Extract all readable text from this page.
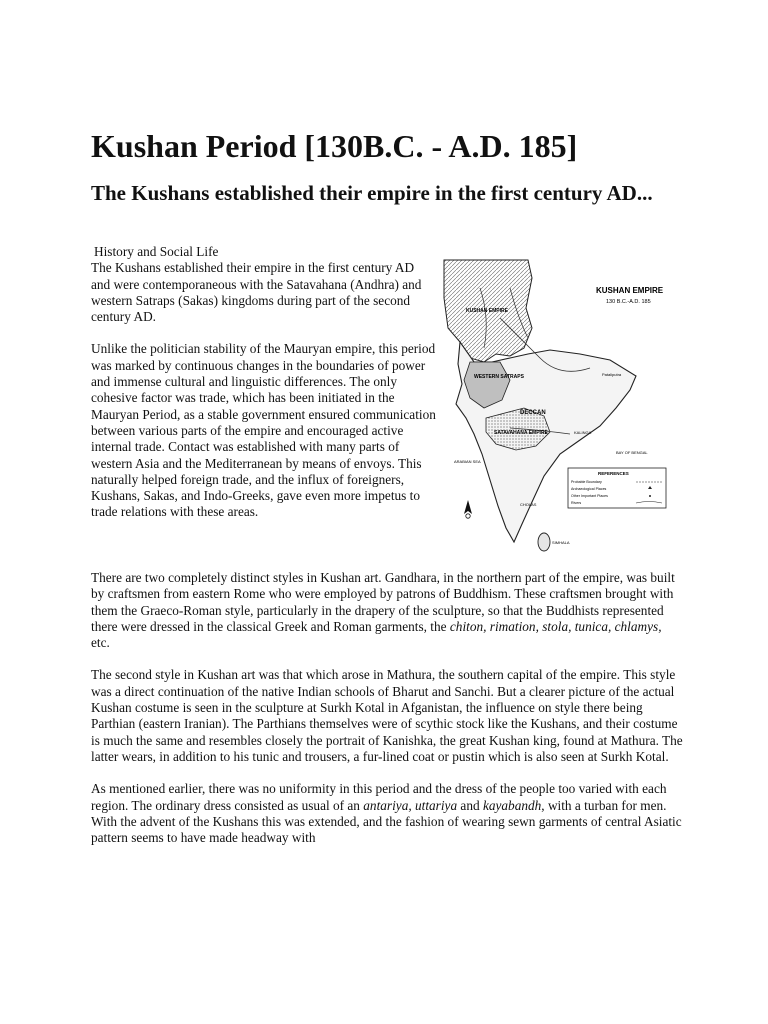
Kushan Period [130B.C. - A.D. 185]
The Kushans established their empire in the first century AD...

History and Social Life

The Kushans established their empire in the first century AD and were contemporaneous with the Satavahana (Andhra) and western Satraps (Sakas) kingdoms during part of the second century AD.

Unlike the politician stability of the Mauryan empire, this period was marked by continuous changes in the boundaries of power and immense cultural and linguistic differences. The only cohesive factor was trade, which has been initiated in the Mauryan Period, as a stable government ensured communication between various parts of the empire and encouraged active internal trade. Contact was established with many parts of western Asia and the Mediterranean by means of envoys. This naturally helped foreign trade, and the influx of foreigners, Kushans, Sakas, and Indo-Greeks, gave even more impetus to trade relations with these areas.

KUSHAN EMPIRE
130 B.C.-A.D. 185
KUSHAN EMPIRE
WESTERN SATRAPS
DECCAN
SATAVAHANA EMPIRE
ARABIAN SEA
BAY OF BENGAL
KALINGA
Pataliputra
CHOLAS
SIMHALA
REFERENCES
Probable Boundary
Archaeological Places
Other Important Places
Rivers

There are two completely distinct styles in Kushan art. Gandhara, in the northern part of the empire, was built by craftsmen from eastern Rome who were employed by patrons of Buddhism. These craftsmen brought with them the Graeco-Roman style, particularly in the drapery of the sculpture, so that the Buddhists represented there were dressed in the classical Greek and Roman garments, the chiton, rimation, stola, tunica, chlamys, etc.

The second style in Kushan art was that which arose in Mathura, the southern capital of the empire. This style was a direct continuation of the native Indian schools of Bharut and Sanchi. But a clearer picture of the actual Kushan costume is seen in the sculpture at Surkh Kotal in Afganistan, the influence on style there being Parthian (eastern Iranian). The Parthians themselves were of scythic stock like the Kushans, and their costume is much the same and resembles closely the portrait of Kanishka, the great Kushan king, found at Mathura. The latter wears, in addition to his tunic and trousers, a fur-lined coat or pustin which is also seen at Surkh Kotal.

As mentioned earlier, there was no uniformity in this period and the dress of the people too varied with each region. The ordinary dress consisted as usual of an antariya, uttariya and kayabandh, with a turban for men. With the advent of the Kushans this was extended, and the fashion of wearing sewn garments of central Asiatic pattern seems to have made headway with
